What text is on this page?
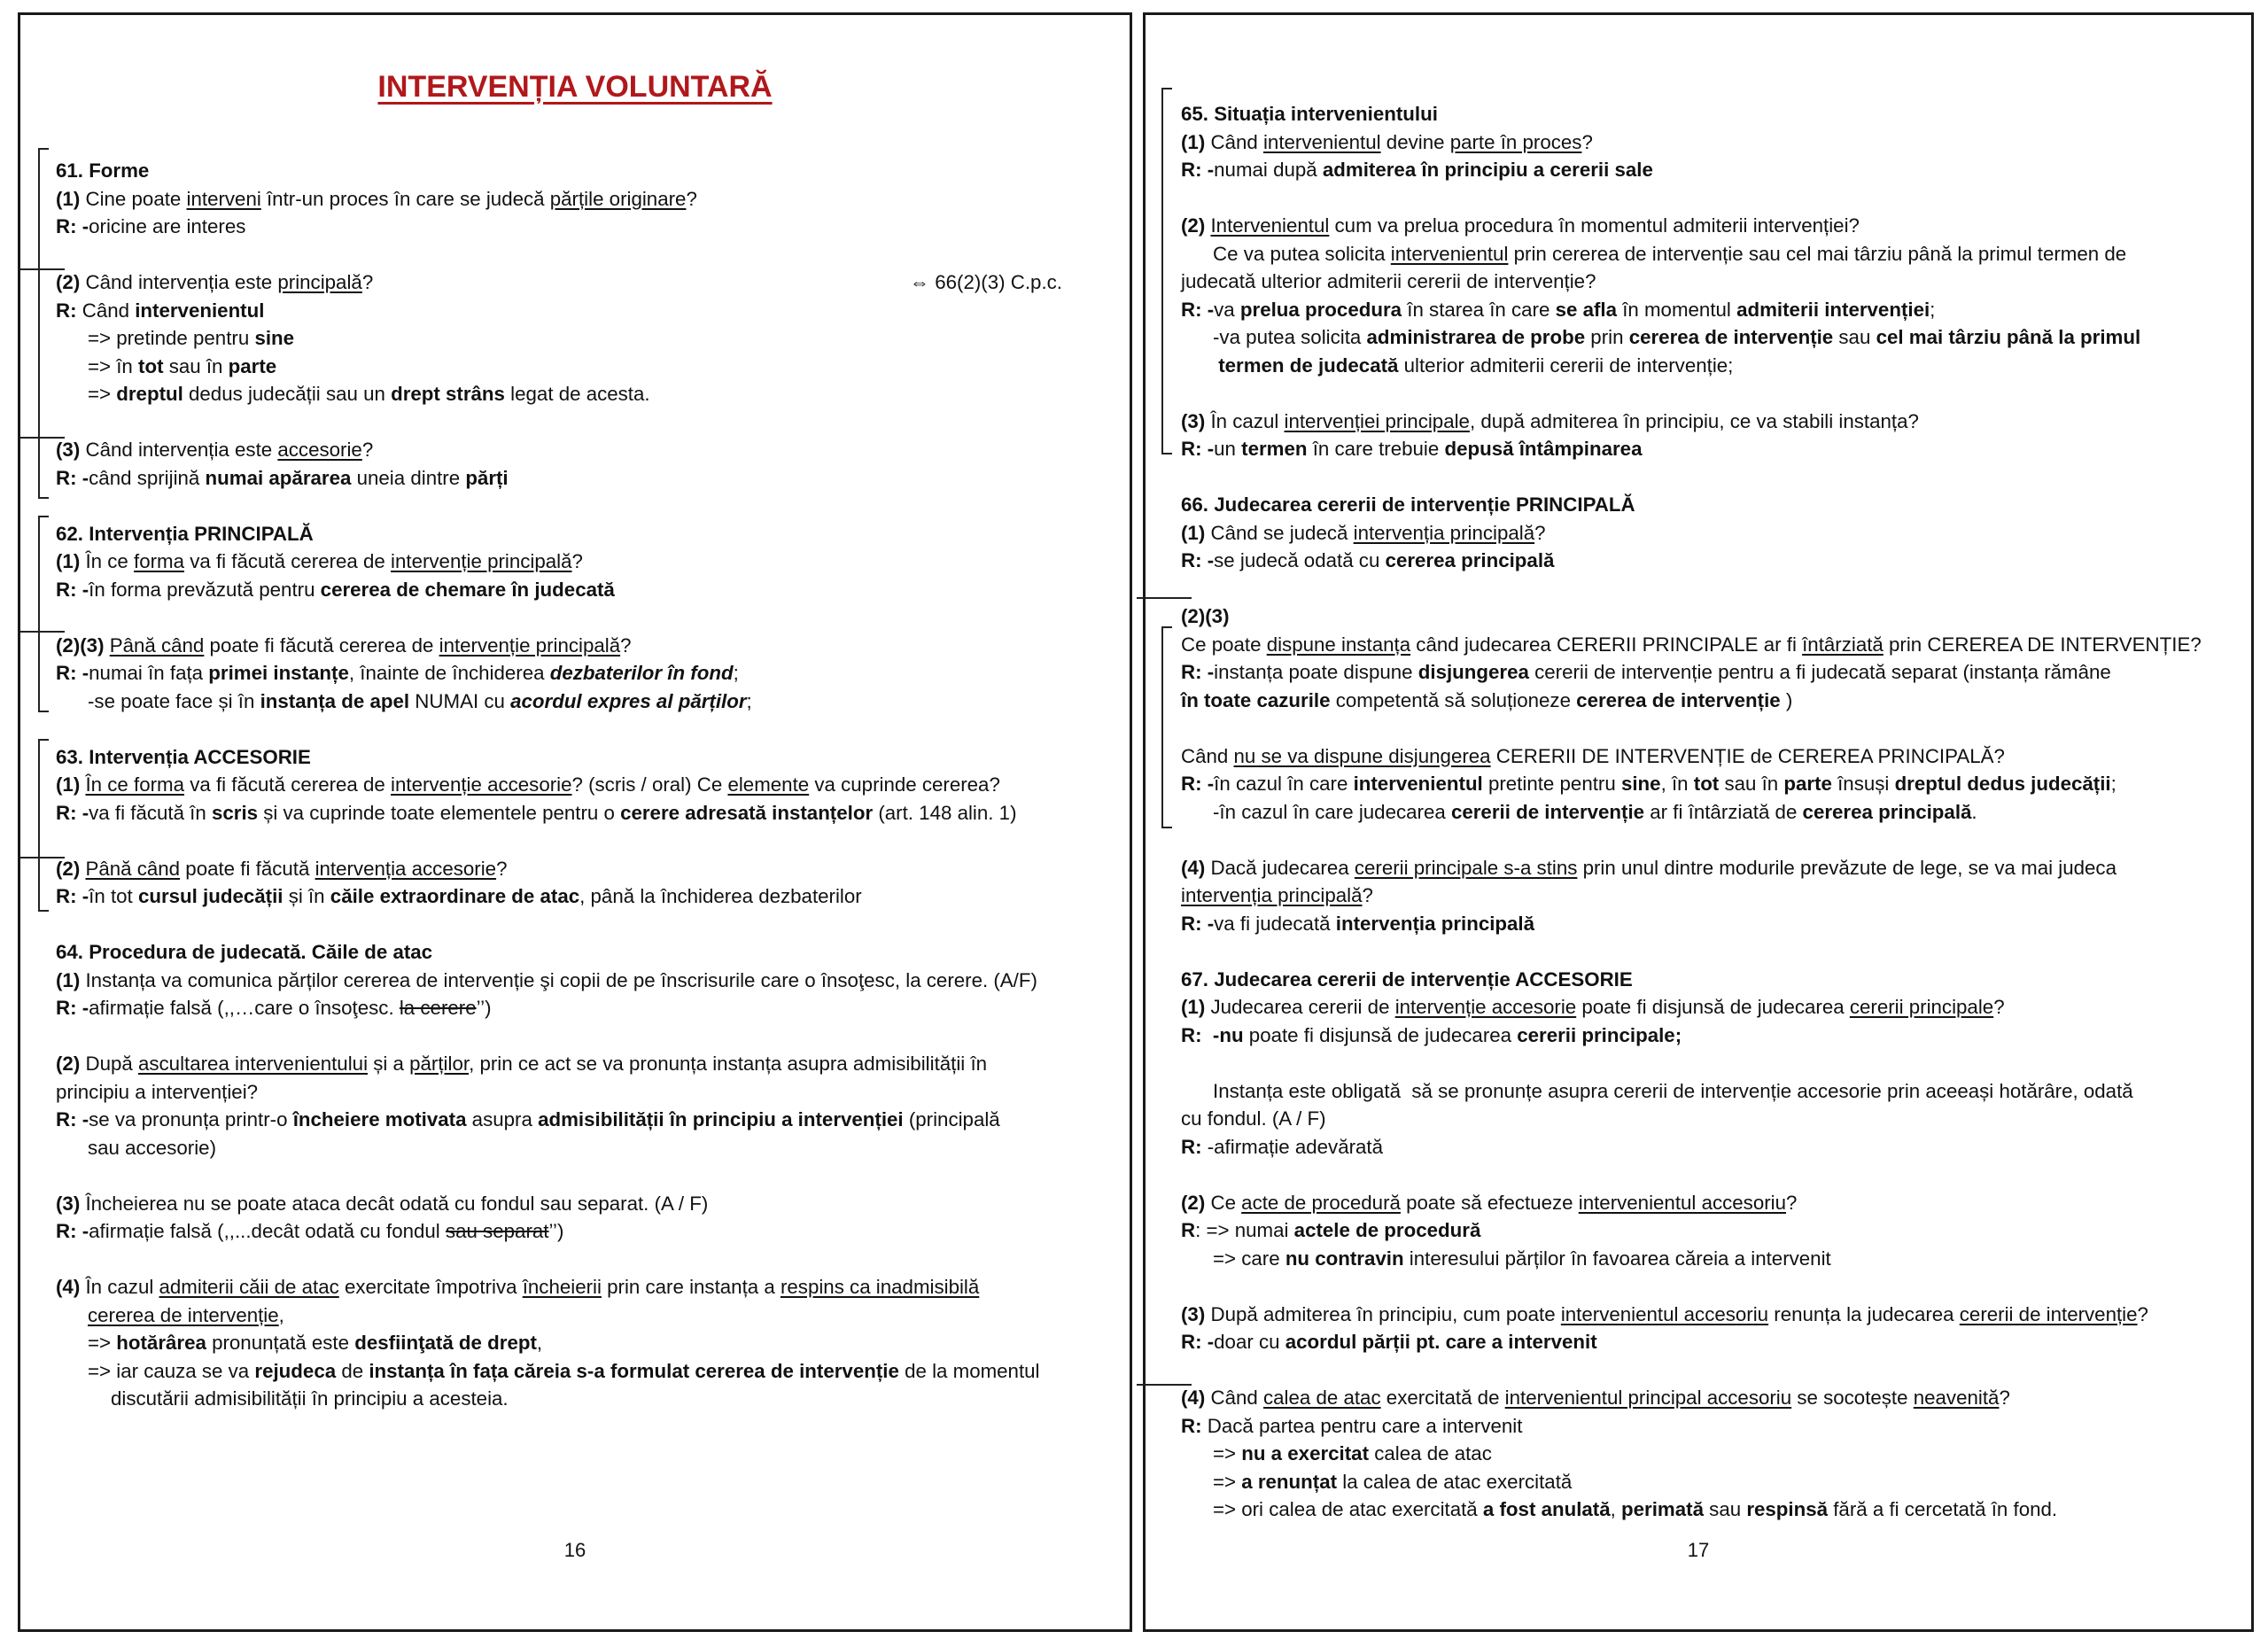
INTERVENȚIA VOLUNTARĂ
61. Forme
(1) Cine poate interveni într-un proces în care se judecă părțile originare?
R: -oricine are interes
(2) Când intervenția este principală?	⇔ 66(2)(3) C.p.c.
R: Când intervenientul
=> pretinde pentru sine
=> în tot sau în parte
=> dreptul dedus judecății sau un drept strâns legat de acesta.
(3) Când intervenția este accesorie?
R: -când sprijină numai apărarea uneia dintre părți
62. Intervenția PRINCIPALĂ
(1) În ce forma va fi făcută cererea de intervenție principală?
R: -în forma prevăzută pentru cererea de chemare în judecată
(2)(3) Până când poate fi făcută cererea de intervenție principală?
R: -numai în fața primei instanțe, înainte de închiderea dezbaterilor în fond;
-se poate face și în instanța de apel NUMAI cu acordul expres al părților;
63. Intervenția ACCESORIE
(1) În ce forma va fi făcută cererea de intervenție accesorie? (scris / oral) Ce elemente va cuprinde cererea?
R: -va fi făcută în scris și va cuprinde toate elementele pentru o cerere adresată instanțelor (art. 148 alin. 1)
(2) Până când poate fi făcută intervenția accesorie?
R: -în tot cursul judecății și în căile extraordinare de atac, până la închiderea dezbaterilor
64. Procedura de judecată. Căile de atac
(1) Instanța va comunica părților cererea de intervenție şi copii de pe înscrisurile care o însoţesc, la cerere. (A/F)
R: -afirmație falsă (,,…care o însoţesc. la cerere’’)
(2) După ascultarea intervenientului și a părților, prin ce act se va pronunța instanța asupra admisibilității în
principiu a intervenției?
R: -se va pronunța printr-o încheiere motivata asupra admisibilității în principiu a intervenției (principală
sau accesorie)
(3) Încheierea nu se poate ataca decât odată cu fondul sau separat. (A / F)
R: -afirmație falsă (,,...decât odată cu fondul sau separat’’)
(4) În cazul admiterii căii de atac exercitate împotriva încheierii prin care instanța a respins ca inadmisibilă
cererea de intervenție,
=> hotărârea pronunțată este desfiinţată de drept,
=> iar cauza se va rejudeca de instanța în fața căreia s-a formulat cererea de intervenție de la momentul
discutării admisibilității în principiu a acesteia.
16
65. Situația intervenientului
(1) Când intervenientul devine parte în proces?
R: -numai după admiterea în principiu a cererii sale
(2) Intervenientul cum va prelua procedura în momentul admiterii intervenției?
Ce va putea solicita intervenientul prin cererea de intervenție sau cel mai târziu până la primul termen de
judecată ulterior admiterii cererii de intervenție?
R: -va prelua procedura în starea în care se afla în momentul admiterii intervenției;
-va putea solicita administrarea de probe prin cererea de intervenție sau cel mai târziu până la primul
termen de judecată ulterior admiterii cererii de intervenție;
(3) În cazul intervenției principale, după admiterea în principiu, ce va stabili instanța?
R: -un termen în care trebuie depusă întâmpinarea
66. Judecarea cererii de intervenție PRINCIPALĂ
(1) Când se judecă intervenția principală?
R: -se judecă odată cu cererea principală
(2)(3)
Ce poate dispune instanța când judecarea CERERII PRINCIPALE ar fi întârziată prin CEREREA DE INTERVENȚIE?
R: -instanța poate dispune disjungerea cererii de intervenție pentru a fi judecată separat (instanța rămâne
în toate cazurile competentă să soluționeze cererea de intervenție )
Când nu se va dispune disjungerea CERERII DE INTERVENȚIE de CEREREA PRINCIPALĂ?
R: -în cazul în care intervenientul pretinte pentru sine, în tot sau în parte însuși dreptul dedus judecății;
-în cazul în care judecarea cererii de intervenție ar fi întârziată de cererea principală.
(4) Dacă judecarea cererii principale s-a stins prin unul dintre modurile prevăzute de lege, se va mai judeca
intervenția principală?
R: -va fi judecată intervenția principală
67. Judecarea cererii de intervenție ACCESORIE
(1) Judecarea cererii de intervenție accesorie poate fi disjunsă de judecarea cererii principale?
R: -nu poate fi disjunsă de judecarea cererii principale;
Instanța este obligată  să se pronunțe asupra cererii de intervenție accesorie prin aceeași hotărâre, odată
cu fondul. (A / F)
R: -afirmație adevărată
(2) Ce acte de procedură poate să efectueze intervenientul accesoriu?
R: => numai actele de procedură
=> care nu contravin interesului părților în favoarea căreia a intervenit
(3) După admiterea în principiu, cum poate intervenientul accesoriu renunța la judecarea cererii de intervenție?
R: -doar cu acordul părții pt. care a intervenit
(4) Când calea de atac exercitată de intervenientul principal accesoriu se socotește neavenită?
R: Dacă partea pentru care a intervenit
=> nu a exercitat calea de atac
=> a renunțat la calea de atac exercitată
=> ori calea de atac exercitată a fost anulată, perimată sau respinsă fără a fi cercetată în fond.
17
